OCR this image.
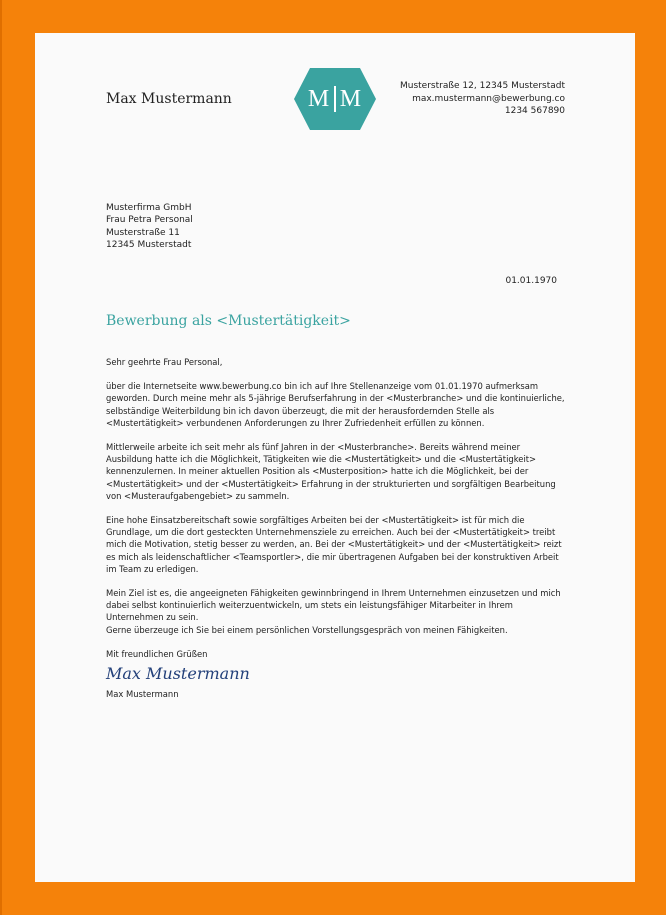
Max Mustermann	M M	Musterstraße 12, 12345 Musterstadt
max.mustermann@bewerbung.co
1234 567890
Musterfirma GmbH
Frau Petra Personal
Musterstraße 11
12345 Musterstadt
01.01.1970
Bewerbung als <Mustertätigkeit>

Sehr geehrte Frau Personal,

über die Internetseite www.bewerbung.co bin ich auf Ihre Stellenanzeige vom 01.01.1970 aufmerksam geworden. Durch meine mehr als 5-jährige Berufserfahrung in der <Musterbranche> und die kontinuierliche, selbständige Weiterbildung bin ich davon überzeugt, die mit der herausfordernden Stelle als <Mustertätigkeit> verbundenen Anforderungen zu Ihrer Zufriedenheit erfüllen zu können.

Mittlerweile arbeite ich seit mehr als fünf Jahren in der <Musterbranche>. Bereits während meiner Ausbildung hatte ich die Möglichkeit, Tätigkeiten wie die <Mustertätigkeit> und die <Mustertätigkeit> kennenzulernen. In meiner aktuellen Position als <Musterposition> hatte ich die Möglichkeit, bei der <Mustertätigkeit> und der <Mustertätigkeit> Erfahrung in der strukturierten und sorgfältigen Bearbeitung von <Musteraufgabengebiet> zu sammeln.

Eine hohe Einsatzbereitschaft sowie sorgfältiges Arbeiten bei der <Mustertätigkeit> ist für mich die Grundlage, um die dort gesteckten Unternehmensziele zu erreichen. Auch bei der <Mustertätigkeit> treibt mich die Motivation, stetig besser zu werden, an. Bei der <Mustertätigkeit> und der <Mustertätigkeit> reizt es mich als leidenschaftlicher <Teamsportler>, die mir übertragenen Aufgaben bei der konstruktiven Arbeit im Team zu erledigen.

Mein Ziel ist es, die angeeigneten Fähigkeiten gewinnbringend in Ihrem Unternehmen einzusetzen und mich dabei selbst kontinuierlich weiterzuentwickeln, um stets ein leistungsfähiger Mitarbeiter in Ihrem Unternehmen zu sein.

Gerne überzeuge ich Sie bei einem persönlichen Vorstellungsgespräch von meinen Fähigkeiten.

Mit freundlichen Grüßen

Max Mustermann
Max Mustermann
